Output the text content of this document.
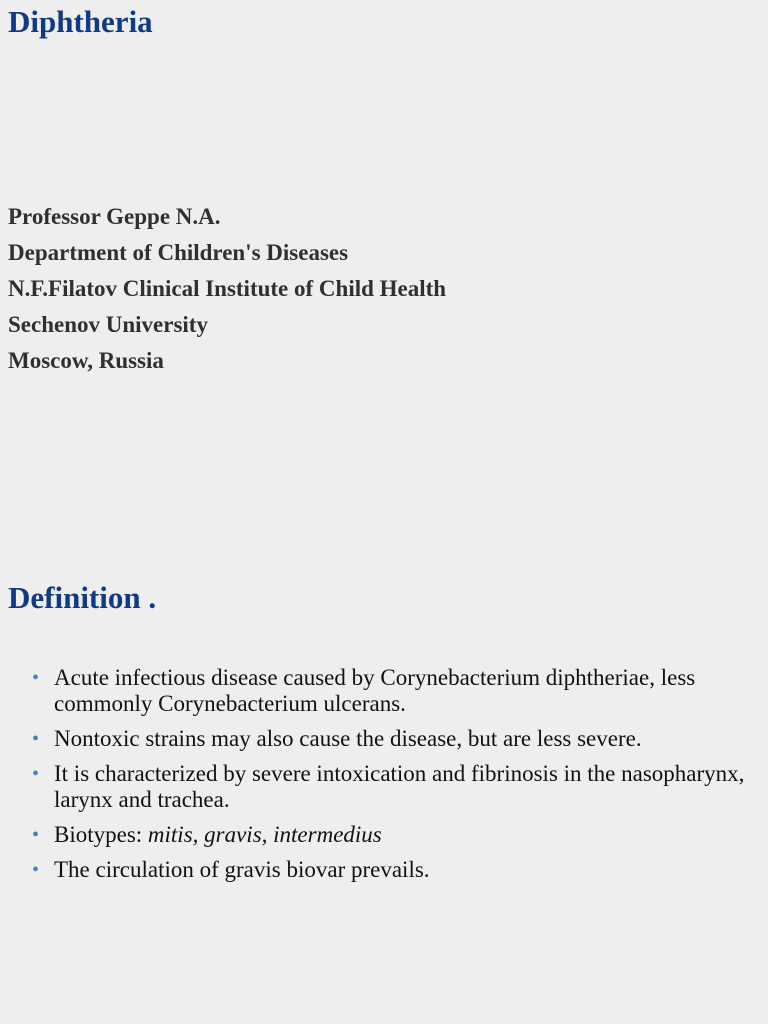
Diphtheria
Professor Geppe N.A.
Department of Children's Diseases
N.F.Filatov Clinical Institute of Child Health
Sechenov University
Moscow, Russia
Definition .
• Acute infectious disease caused by Corynebacterium diphtheriae, less commonly Corynebacterium ulcerans.
• Nontoxic strains may also cause the disease, but are less severe.
• It is characterized by severe intoxication and fibrinosis in the nasopharynx, larynx and trachea.
• Biotypes: mitis, gravis, intermedius
• The circulation of gravis biovar prevails.
